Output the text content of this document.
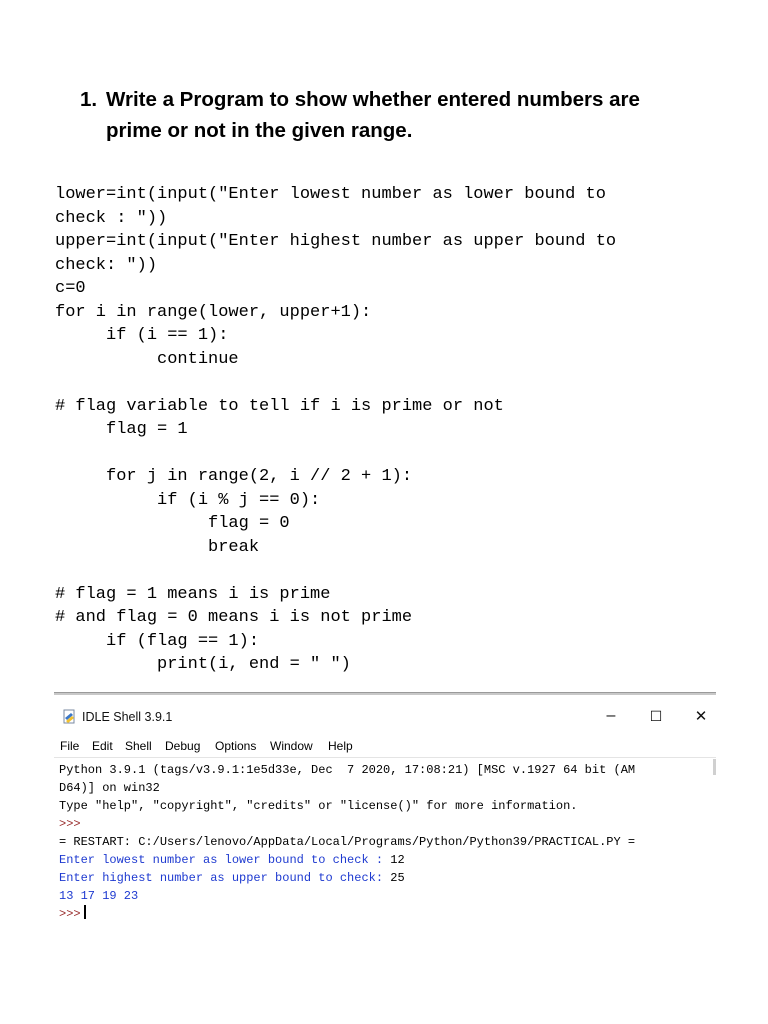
1. Write a Program to show whether entered numbers are
prime or not in the given range.
lower=int(input("Enter lowest number as lower bound to
check : "))
upper=int(input("Enter highest number as upper bound to
check: "))
c=0
for i in range(lower, upper+1):
if (i == 1):
continue
# flag variable to tell if i is prime or not
flag = 1
for j in range(2, i // 2 + 1):
if (i % j == 0):
flag = 0
break
# flag = 1 means i is prime
# and flag = 0 means i is not prime
if (flag == 1):
print(i, end = " ")
IDLE Shell 3.9.1	– ☐ ✕
File Edit Shell Debug Options Window Help
Python 3.9.1 (tags/v3.9.1:1e5d33e, Dec  7 2020, 17:08:21) [MSC v.1927 64 bit (AM
D64)] on win32
Type "help", "copyright", "credits" or "license()" for more information.
>>>
= RESTART: C:/Users/lenovo/AppData/Local/Programs/Python/Python39/PRACTICAL.PY =
Enter lowest number as lower bound to check : 12
Enter highest number as upper bound to check: 25
13 17 19 23
>>>
